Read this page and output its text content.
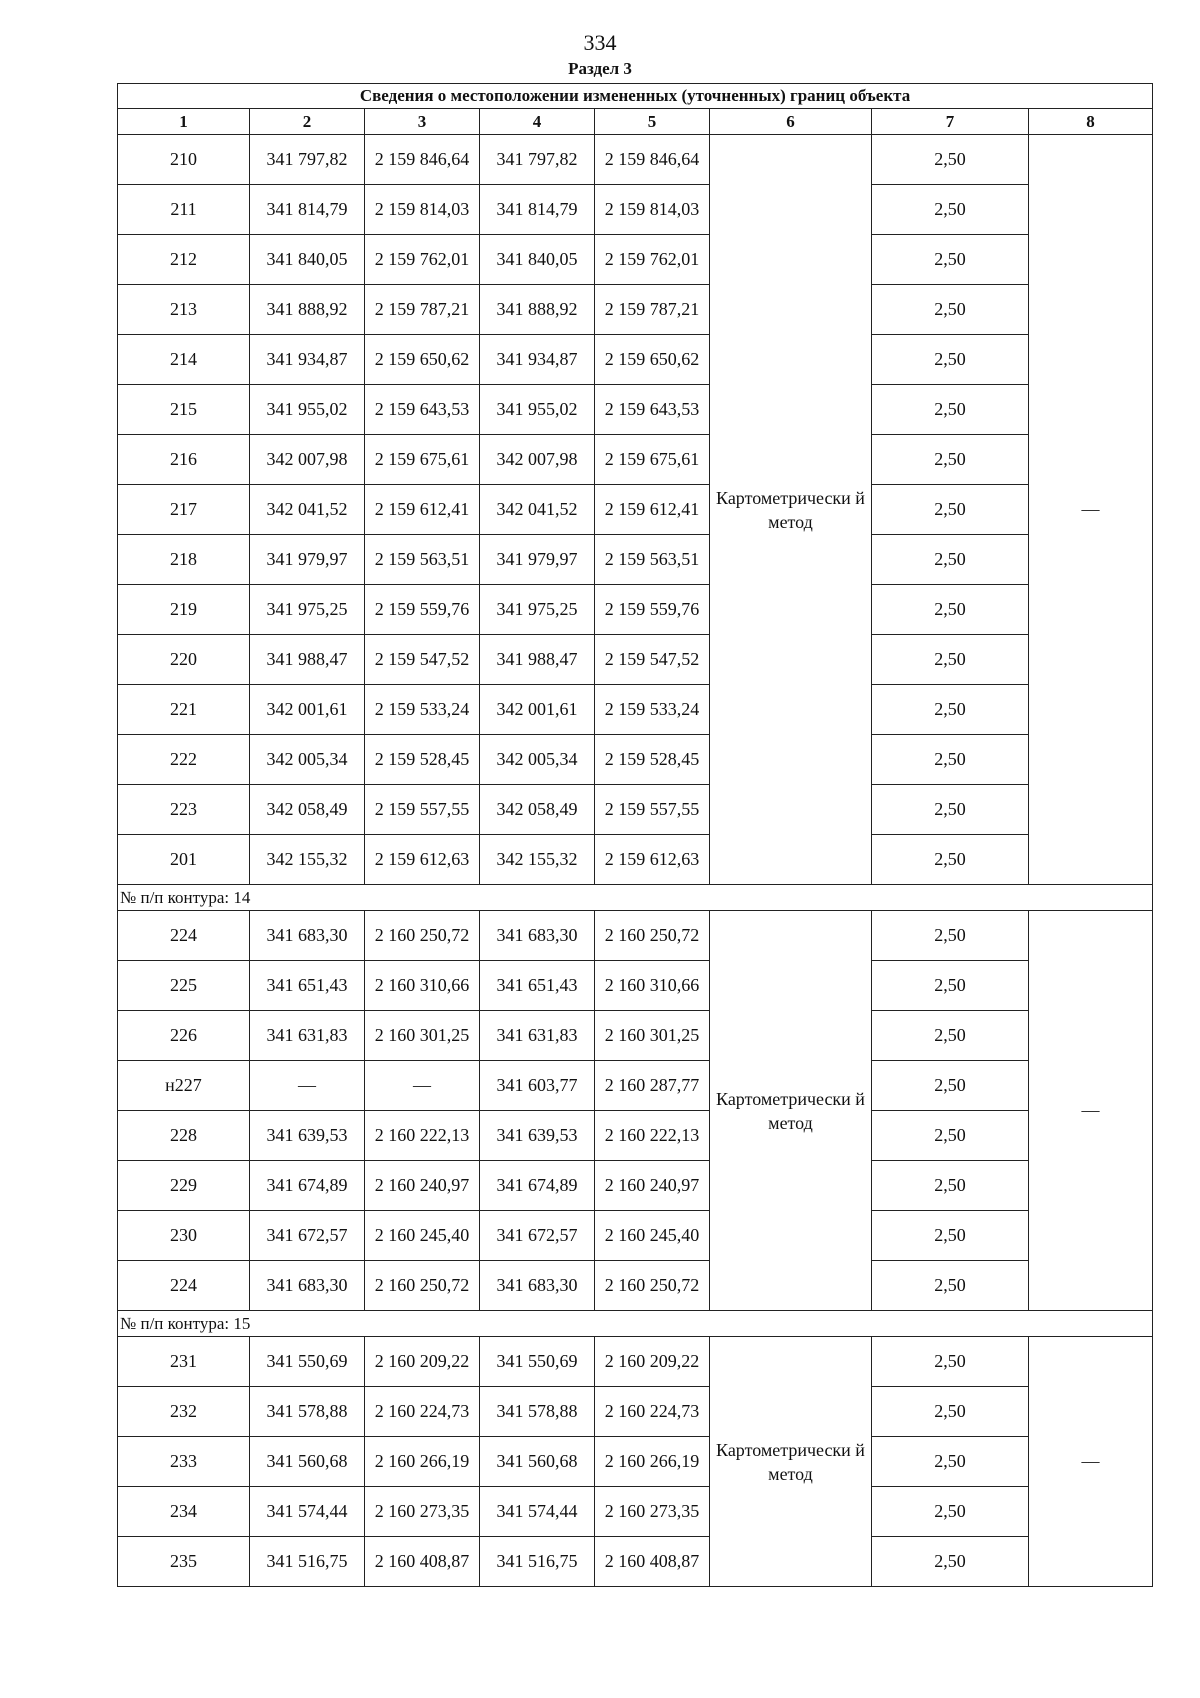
334
Раздел 3
Сведения о местоположении измененных (уточненных) границ объекта							
1	2	3	4	5	6	7	8
210	341 797,82	2 159 846,64	341 797,82	2 159 846,64	Картометрически й метод	2,50	—
211	341 814,79	2 159 814,03	341 814,79	2 159 814,03		2,50	
212	341 840,05	2 159 762,01	341 840,05	2 159 762,01		2,50	
213	341 888,92	2 159 787,21	341 888,92	2 159 787,21		2,50	
214	341 934,87	2 159 650,62	341 934,87	2 159 650,62		2,50	
215	341 955,02	2 159 643,53	341 955,02	2 159 643,53		2,50	
216	342 007,98	2 159 675,61	342 007,98	2 159 675,61		2,50	
217	342 041,52	2 159 612,41	342 041,52	2 159 612,41		2,50	
218	341 979,97	2 159 563,51	341 979,97	2 159 563,51		2,50	
219	341 975,25	2 159 559,76	341 975,25	2 159 559,76		2,50	
220	341 988,47	2 159 547,52	341 988,47	2 159 547,52		2,50	
221	342 001,61	2 159 533,24	342 001,61	2 159 533,24		2,50	
222	342 005,34	2 159 528,45	342 005,34	2 159 528,45		2,50	
223	342 058,49	2 159 557,55	342 058,49	2 159 557,55		2,50	
201	342 155,32	2 159 612,63	342 155,32	2 159 612,63		2,50	
№ п/п контура: 14							
224	341 683,30	2 160 250,72	341 683,30	2 160 250,72	Картометрически й метод	2,50	—
225	341 651,43	2 160 310,66	341 651,43	2 160 310,66		2,50	
226	341 631,83	2 160 301,25	341 631,83	2 160 301,25		2,50	
н227	—	—	341 603,77	2 160 287,77		2,50	
228	341 639,53	2 160 222,13	341 639,53	2 160 222,13		2,50	
229	341 674,89	2 160 240,97	341 674,89	2 160 240,97		2,50	
230	341 672,57	2 160 245,40	341 672,57	2 160 245,40		2,50	
224	341 683,30	2 160 250,72	341 683,30	2 160 250,72		2,50	
№ п/п контура: 15							
231	341 550,69	2 160 209,22	341 550,69	2 160 209,22	Картометрически й метод	2,50	—
232	341 578,88	2 160 224,73	341 578,88	2 160 224,73		2,50	
233	341 560,68	2 160 266,19	341 560,68	2 160 266,19		2,50	
234	341 574,44	2 160 273,35	341 574,44	2 160 273,35		2,50	
235	341 516,75	2 160 408,87	341 516,75	2 160 408,87		2,50	
